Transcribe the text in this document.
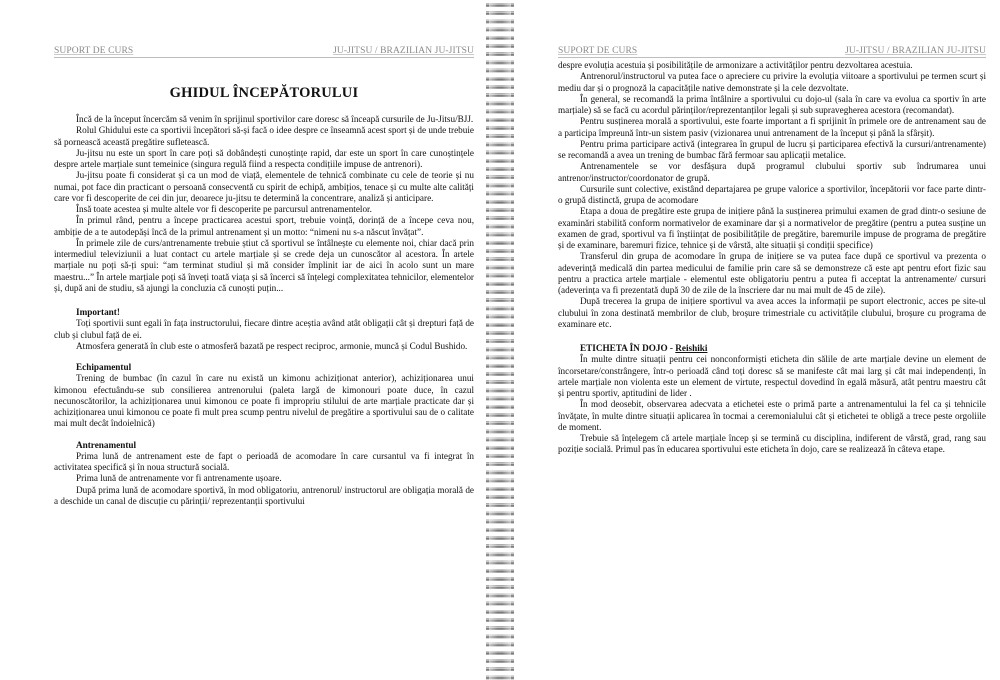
SUPORT DE CURS	JU-JITSU / BRAZILIAN JU-JITSU
GHIDUL ÎNCEPĂTORULUI

Încă de la început încercăm să venim în sprijinul sportivilor care doresc să înceapă cursurile de Ju-Jitsu/BJJ.

Rolul Ghidului este ca sportivii începători să-și facă o idee despre ce înseamnă acest sport și de unde trebuie să pornească această pregătire sufletească.

Ju-jitsu nu este un sport în care poți să dobândești cunoștințe rapid, dar este un sport în care cunoștințele despre artele marțiale sunt temeinice (singura regulă fiind a respecta condițiile impuse de antrenori).

Ju-jitsu poate fi considerat și ca un mod de viață, elementele de tehnică combinate cu cele de teorie și nu numai, pot face din practicant o persoană consecventă cu spirit de echipă, ambițios, tenace și cu multe alte calități care vor fi descoperite de cei din jur, deoarece ju-jitsu te determină la concentrare, analiză și anticipare.

Însă toate acestea și multe altele vor fi descoperite pe parcursul antrenamentelor.

În primul rând, pentru a începe practicarea acestui sport, trebuie voință, dorință de a începe ceva nou, ambiție de a te autodepăși încă de la primul antrenament și un motto: “nimeni nu s-a născut învățat”.

În primele zile de curs/antrenamente trebuie știut că sportivul se întâlnește cu elemente noi, chiar dacă prin intermediul televiziunii a luat contact cu artele marțiale și se crede deja un cunoscător al acestora. În artele marțiale nu poți să-ți spui: “am terminat studiul și mă consider împlinit iar de aici în acolo sunt un mare maestru...” În artele marțiale poți să înveți toată viața și să încerci să înțelegi complexitatea tehnicilor, elementelor și, după ani de studiu, să ajungi la concluzia că cunoști puțin...

Important!

Toți sportivii sunt egali în fața instructorului, fiecare dintre aceștia având atât obligații cât și drepturi față de club și clubul față de ei.

Atmosfera generată în club este o atmosferă bazată pe respect reciproc, armonie, muncă și Codul Bushido.

Echipamentul

Trening de bumbac (în cazul în care nu există un kimonu achiziționat anterior), achiziționarea unui kimonou efectuându-se sub consilierea antrenorului (paleta largă de kimonouri poate duce, în cazul necunoscătorilor, la achiziționarea unui kimonou ce poate fi impropriu stilului de arte marțiale practicate dar și achiziționarea unui kimonou ce poate fi mult prea scump pentru nivelul de pregătire a sportivului sau de o calitate mai mult decât îndoielnică)

Antrenamentul

Prima lună de antrenament este de fapt o perioadă de acomodare în care cursantul va fi integrat în activitatea specifică și în noua structură socială.

Prima lună de antrenamente vor fi antrenamente ușoare.

După prima lună de acomodare sportivă, în mod obligatoriu, antrenorul/ instructorul are obligația morală de a deschide un canal de discuție cu părinții/ reprezentanții sportivului

SUPORT DE CURS	JU-JITSU / BRAZILIAN JU-JITSU

despre evoluția acestuia și posibilitățile de armonizare a activităților pentru dezvoltarea acestuia.

Antrenorul/instructorul va putea face o apreciere cu privire la evoluția viitoare a sportivului pe termen scurt și mediu dar și o prognoză la capacitățile native demonstrate și la cele dezvoltate.

În general, se recomandă la prima întâlnire a sportivului cu dojo-ul (sala în care va evolua ca sportiv în arte marțiale) să se facă cu acordul părinților/reprezentanților legali și sub supravegherea acestora (recomandat).

Pentru susținerea morală a sportivului, este foarte important a fi sprijinit în primele ore de antrenament sau de a participa împreună într-un sistem pasiv (vizionarea unui antrenament de la început și până la sfârșit).

Pentru prima participare activă (integrarea în grupul de lucru și participarea efectivă la cursuri/antrenamente) se recomandă a avea un trening de bumbac fără fermoar sau aplicații metalice.

Antrenamentele se vor desfășura după programul clubului sportiv sub îndrumarea unui antrenor/instructor/coordonator de grupă.

Cursurile sunt colective, existând departajarea pe grupe valorice a sportivilor, începătorii vor face parte dintr-o grupă distinctă, grupa de acomodare

Etapa a doua de pregătire este grupa de inițiere până la susținerea primului examen de grad dintr-o sesiune de examinări stabilită conform normativelor de examinare dar și a normativelor de pregătire (pentru a putea susține un examen de grad, sportivul va fi înștiințat de posibilitățile de pregătire, baremurile impuse de programa de pregătire și de examinare, baremuri fizice, tehnice și de vârstă, alte situații și condiții specifice)

Transferul din grupa de acomodare în grupa de inițiere se va putea face după ce sportivul va prezenta o adeverință medicală din partea medicului de familie prin care să se demonstreze că este apt pentru efort fizic sau pentru a practica artele marțiale - elementul este obligatoriu pentru a putea fi acceptat la antrenamente/ cursuri (adeverința va fi prezentată după 30 de zile de la înscriere dar nu mai mult de 45 de zile).

După trecerea la grupa de inițiere sportivul va avea acces la informații pe suport electronic, acces pe site-ul clubului în zona destinată membrilor de club, broșure trimestriale cu activitățile clubului, broșure cu programa de examinare etc.

ETICHETA ÎN DOJO - Reishiki

În multe dintre situații pentru cei nonconformiști eticheta din sălile de arte marțiale devine un element de încorsetare/constrângere, într-o perioadă când toți doresc să se manifeste cât mai larg și cât mai independenți, în artele marțiale non violenta este un element de virtute, respectul dovedind în egală măsură, atât pentru maestru cât și pentru sportiv, aptitudini de lider .

În mod deosebit, observarea adecvata a etichetei este o primă parte a antrenamentului la fel ca și tehnicile învățate, în multe dintre situații aplicarea în tocmai a ceremonialului cât și etichetei te obligă a trece peste orgoliile de moment.

Trebuie să înțelegem că artele marțiale încep și se termină cu disciplina, indiferent de vârstă, grad, rang sau poziție socială. Primul pas în educarea sportivului este eticheta în dojo, care se realizează în câteva etape.
